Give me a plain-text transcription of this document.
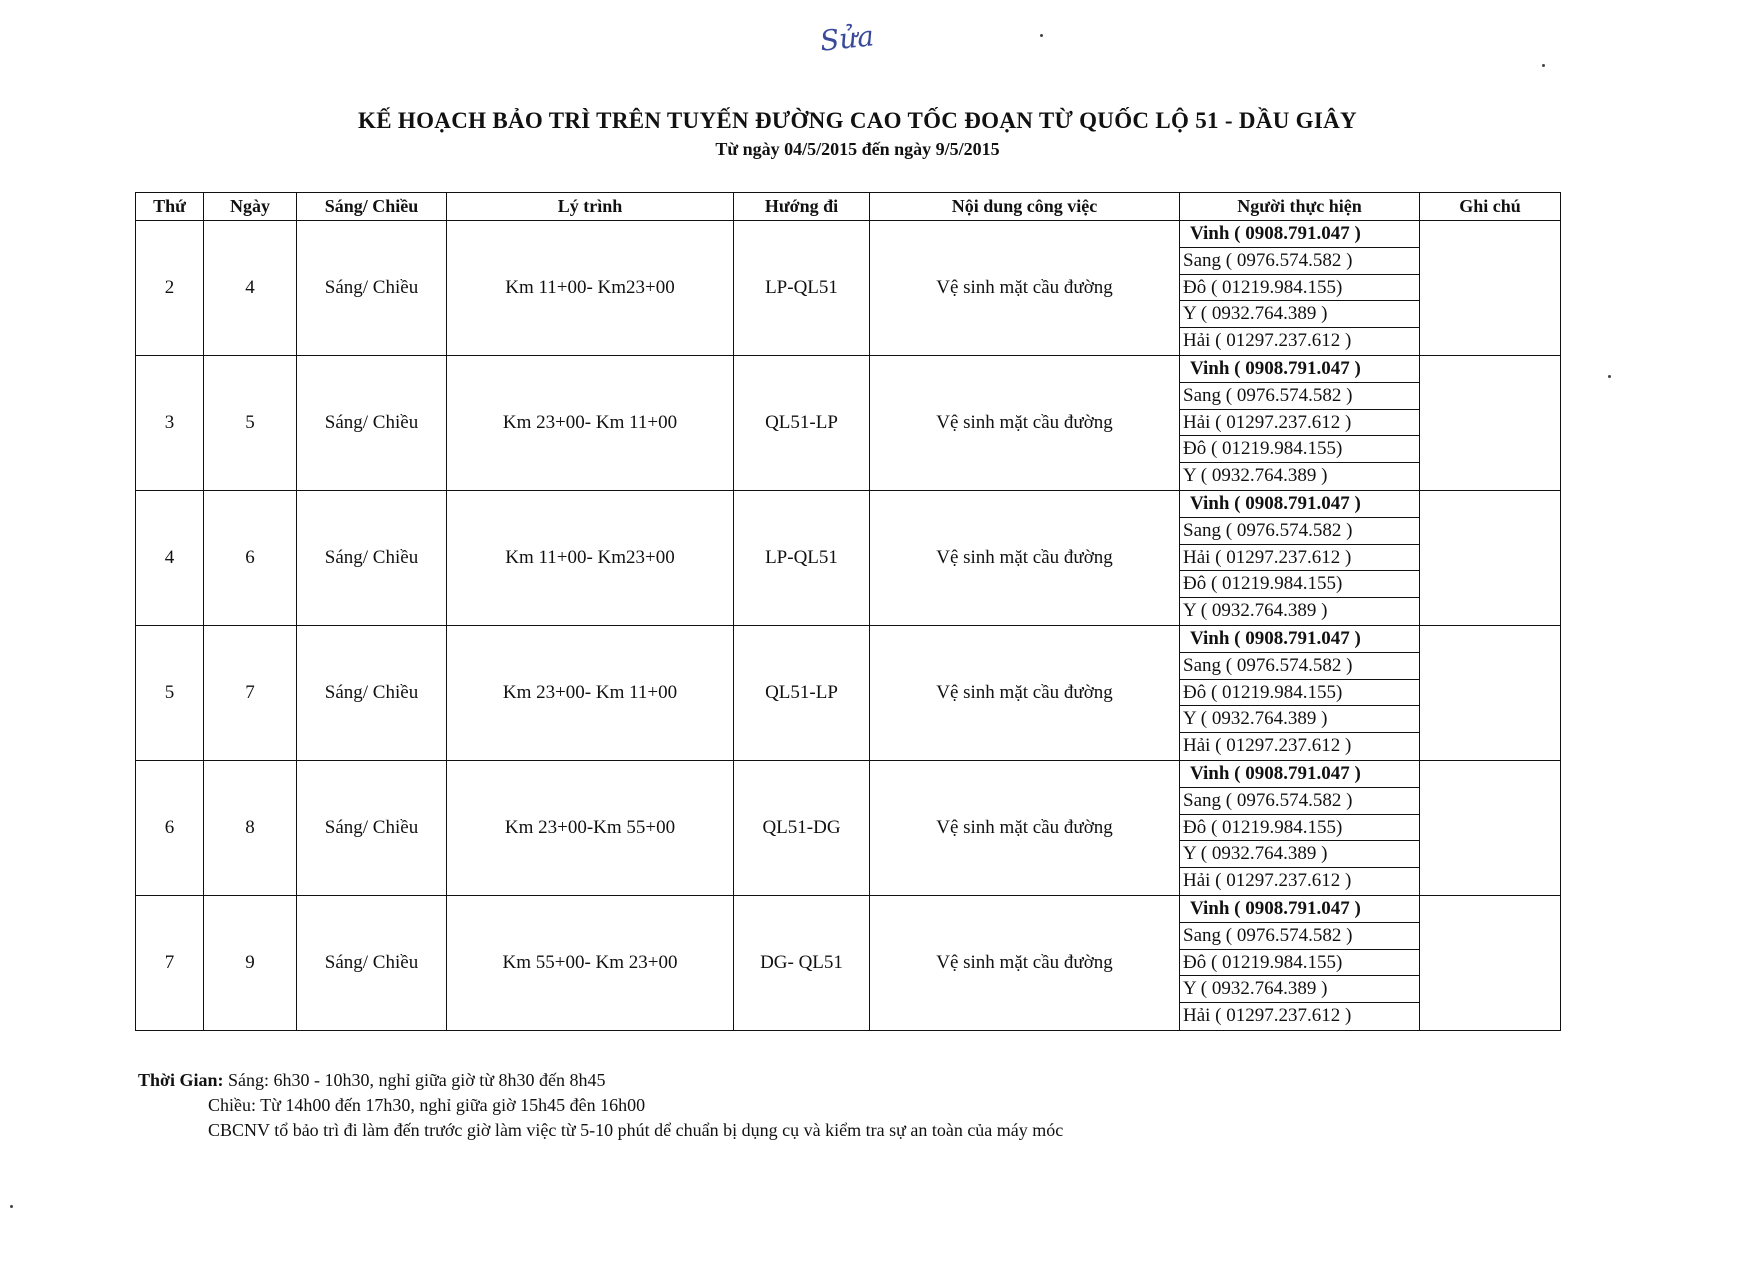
Sửa
KẾ HOẠCH BẢO TRÌ TRÊN TUYẾN ĐƯỜNG CAO TỐC ĐOẠN TỪ QUỐC LỘ 51 - DẦU GIÂY
Từ ngày 04/5/2015 đến ngày 9/5/2015
Thứ	Ngày	Sáng/ Chiều	Lý trình	Hướng đi	Nội dung công việc	Người thực hiện	Ghi chú
2	4	Sáng/ Chiều	Km 11+00- Km23+00	LP-QL51	Vệ sinh mặt cầu đường	Vinh ( 0908.791.047 )
Sang ( 0976.574.582 )
Đô ( 01219.984.155)
Y ( 0932.764.389 )
Hải ( 01297.237.612 )	

3	5	Sáng/ Chiều	Km 23+00- Km 11+00	QL51-LP	Vệ sinh mặt cầu đường	Vinh ( 0908.791.047 )
Sang ( 0976.574.582 )
Hải ( 01297.237.612 )
Đô ( 01219.984.155)
Y ( 0932.764.389 )	

4	6	Sáng/ Chiều	Km 11+00- Km23+00	LP-QL51	Vệ sinh mặt cầu đường	Vinh ( 0908.791.047 )
Sang ( 0976.574.582 )
Hải ( 01297.237.612 )
Đô ( 01219.984.155)
Y ( 0932.764.389 )	

5	7	Sáng/ Chiều	Km 23+00- Km 11+00	QL51-LP	Vệ sinh mặt cầu đường	Vinh ( 0908.791.047 )
Sang ( 0976.574.582 )
Đô ( 01219.984.155)
Y ( 0932.764.389 )
Hải ( 01297.237.612 )	

6	8	Sáng/ Chiều	Km 23+00-Km 55+00	QL51-DG	Vệ sinh mặt cầu đường	Vinh ( 0908.791.047 )
Sang ( 0976.574.582 )
Đô ( 01219.984.155)
Y ( 0932.764.389 )
Hải ( 01297.237.612 )	

7	9	Sáng/ Chiều	Km 55+00- Km 23+00	DG- QL51	Vệ sinh mặt cầu đường	Vinh ( 0908.791.047 )
Sang ( 0976.574.582 )
Đô ( 01219.984.155)
Y ( 0932.764.389 )
Hải ( 01297.237.612 )	

Thời Gian: Sáng: 6h30 - 10h30, nghỉ giữa giờ từ 8h30 đến 8h45
Chiều: Từ 14h00 đến 17h30, nghỉ giữa giờ 15h45 đên 16h00
CBCNV tổ bảo trì đi làm đến trước giờ làm việc từ 5-10 phút dể chuẩn bị dụng cụ và kiểm tra sự an toàn của máy móc
